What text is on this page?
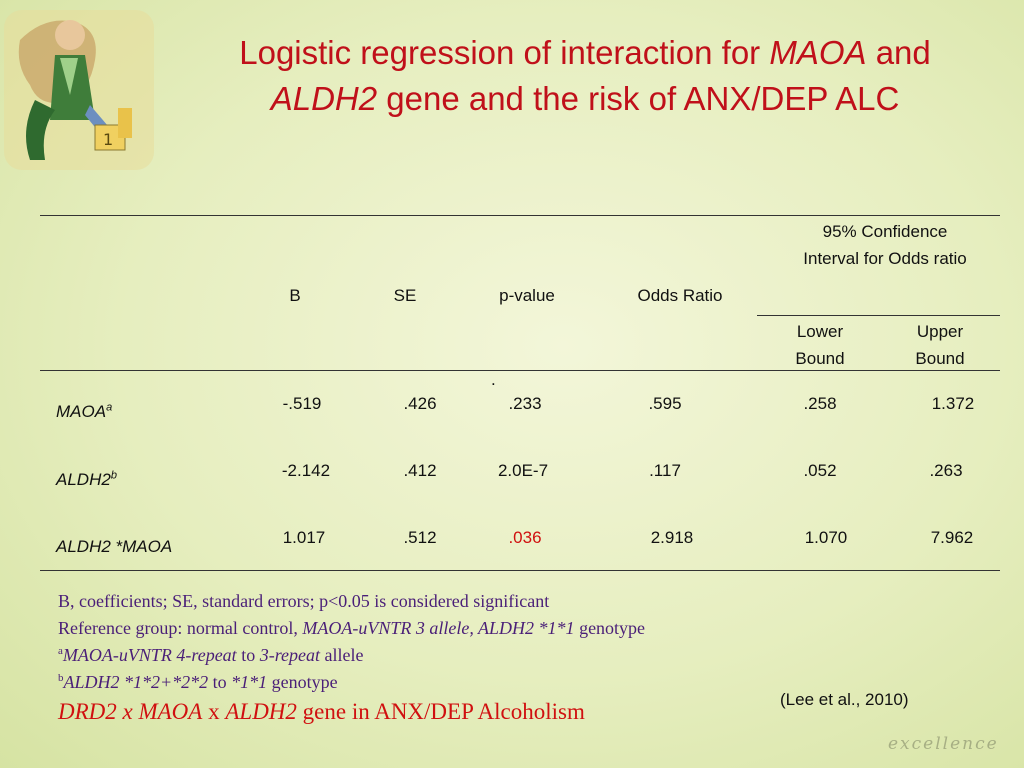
1
Logistic regression of interaction for MAOA and
ALDH2 gene and the risk of ANX/DEP ALC
B	SE	p-value	Odds Ratio
95% Confidence
Interval for Odds ratio
Lower
Bound
Upper
Bound
.
MAOA$^a$	-.519	.426	.233	.595	.258	1.372
ALDH2$^b$	-2.142	.412	2.0E-7	.117	.052	.263
ALDH2 *MAOA	1.017	.512	.036	2.918	1.070	7.962
B, coefficients; SE, standard errors; p<0.05 is considered significant
Reference group: normal control, MAOA-uVNTR 3 allele, ALDH2 *1*1 genotype
$^a$MAOA-uVNTR 4-repeat to 3-repeat allele
$^b$ALDH2 *1*2+*2*2 to *1*1 genotype
DRD2 x MAOA x ALDH2 gene in ANX/DEP Alcoholism	(Lee et al., 2010)
excellence
